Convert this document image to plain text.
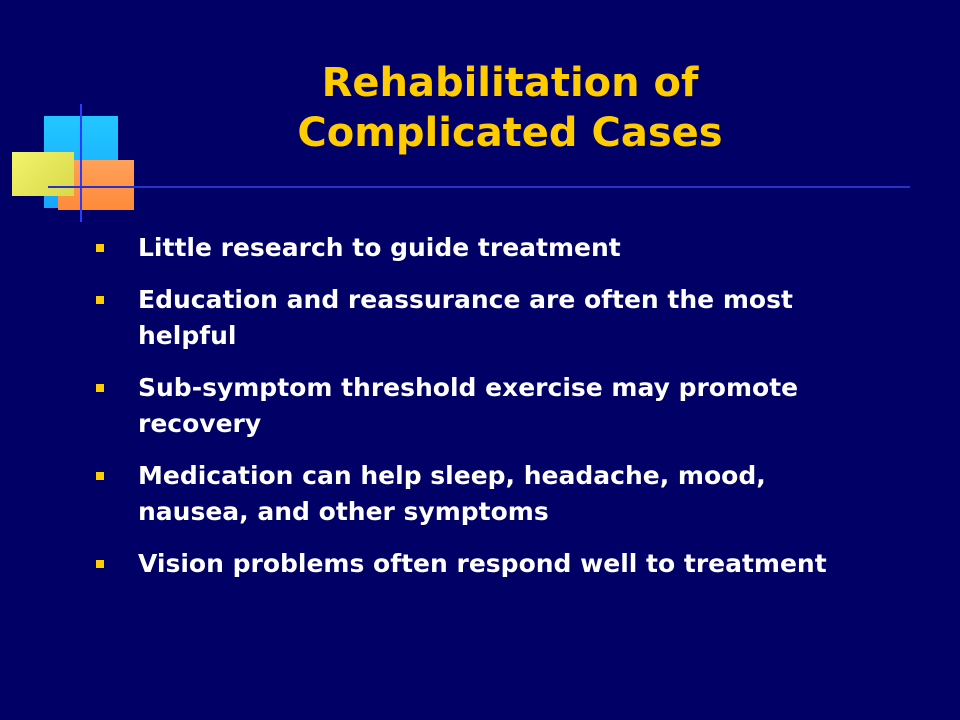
Rehabilitation of
Complicated Cases
Little research to guide treatment
Education and reassurance are often the most helpful
Sub-symptom threshold exercise may promote recovery
Medication can help sleep, headache, mood, nausea, and other symptoms
Vision problems often respond well to treatment
